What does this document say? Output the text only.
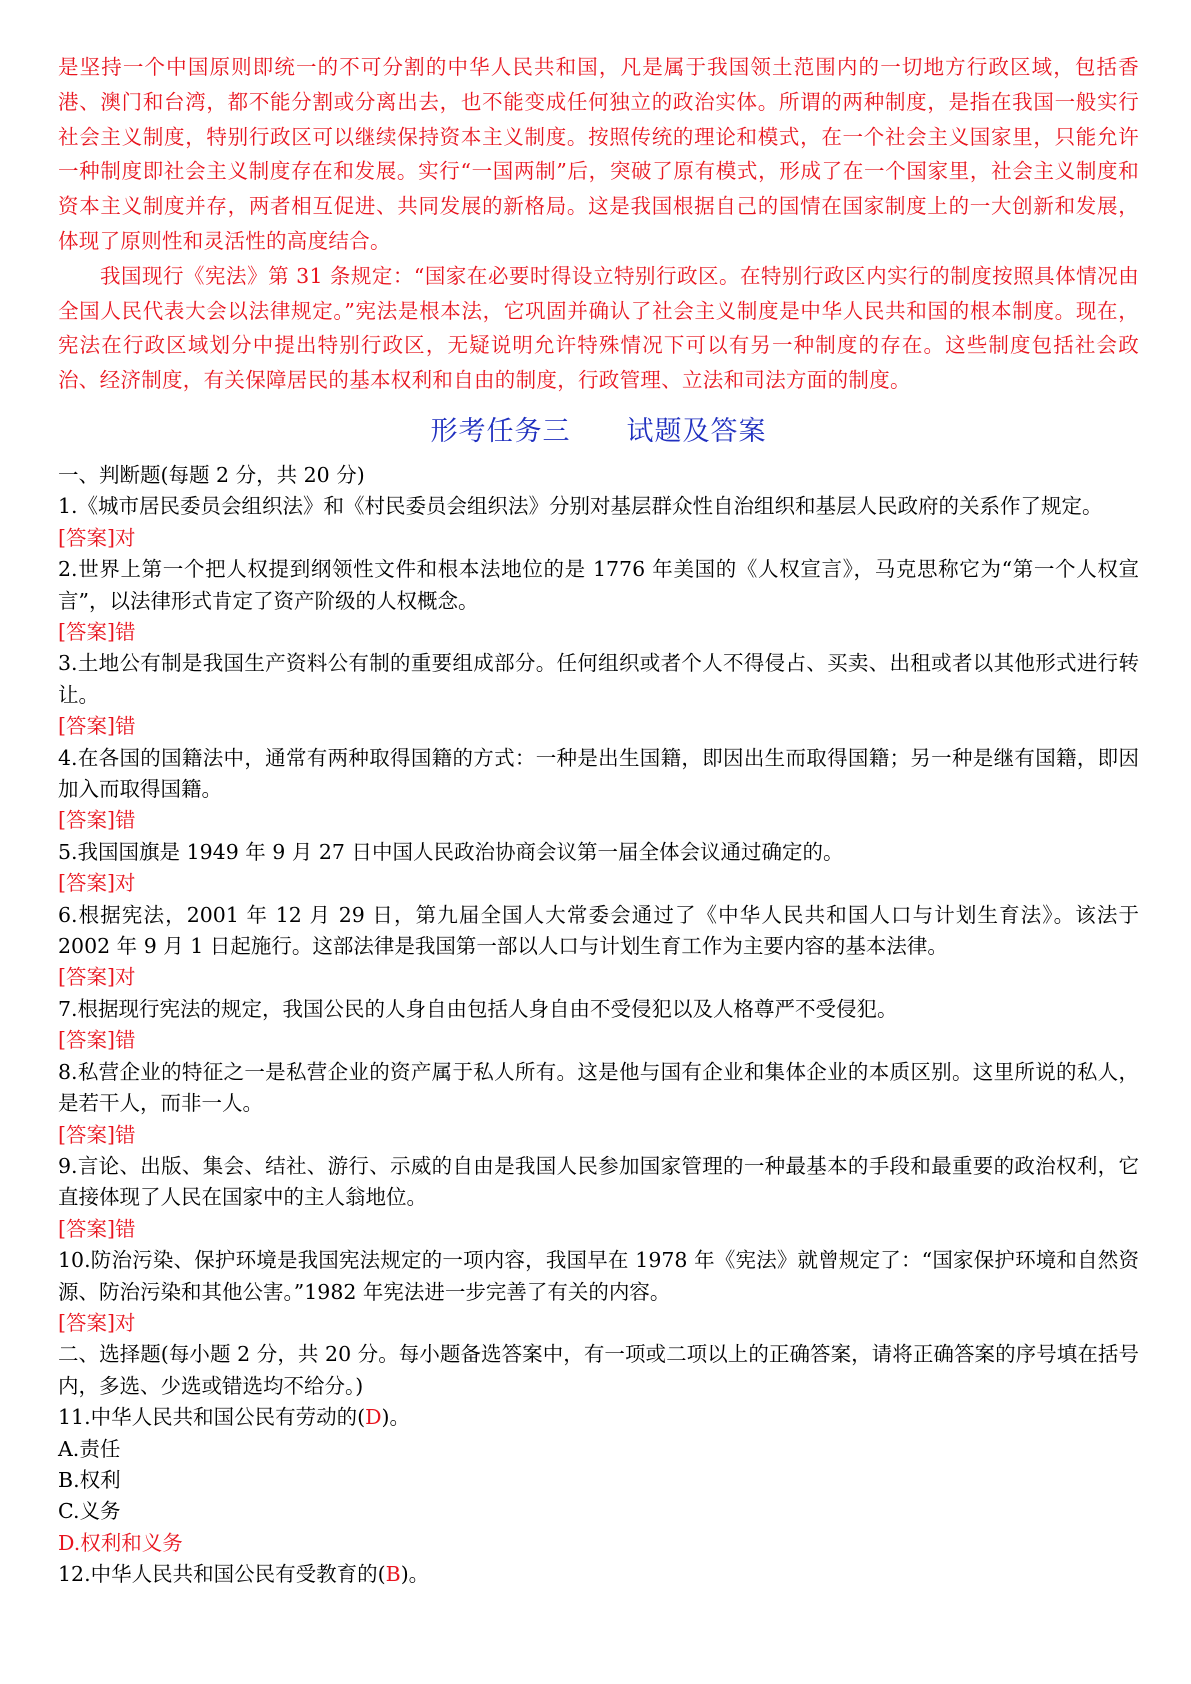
是坚持一个中国原则即统一的不可分割的中华人民共和国，凡是属于我国领土范围内的一切地方行政区域，包括香港、澳门和台湾，都不能分割或分离出去，也不能变成任何独立的政治实体。所谓的两种制度，是指在我国一般实行社会主义制度，特别行政区可以继续保持资本主义制度。按照传统的理论和模式，在一个社会主义国家里，只能允许一种制度即社会主义制度存在和发展。实行“一国两制”后，突破了原有模式，形成了在一个国家里，社会主义制度和资本主义制度并存，两者相互促进、共同发展的新格局。这是我国根据自己的国情在国家制度上的一大创新和发展，体现了原则性和灵活性的高度结合。

我国现行《宪法》第 31 条规定：“国家在必要时得设立特别行政区。在特别行政区内实行的制度按照具体情况由全国人民代表大会以法律规定。”宪法是根本法，它巩固并确认了社会主义制度是中华人民共和国的根本制度。现在，宪法在行政区域划分中提出特别行政区，无疑说明允许特殊情况下可以有另一种制度的存在。这些制度包括社会政治、经济制度，有关保障居民的基本权利和自由的制度，行政管理、立法和司法方面的制度。

形考任务三 试题及答案
一、判断题(每题 2 分，共 20 分)
1.《城市居民委员会组织法》和《村民委员会组织法》分别对基层群众性自治组织和基层人民政府的关系作了规定。
[答案]对
2.世界上第一个把人权提到纲领性文件和根本法地位的是 1776 年美国的《人权宣言》，马克思称它为“第一个人权宣言”，以法律形式肯定了资产阶级的人权概念。
[答案]错
3.土地公有制是我国生产资料公有制的重要组成部分。任何组织或者个人不得侵占、买卖、出租或者以其他形式进行转让。
[答案]错
4.在各国的国籍法中，通常有两种取得国籍的方式：一种是出生国籍，即因出生而取得国籍；另一种是继有国籍，即因加入而取得国籍。
[答案]错
5.我国国旗是 1949 年 9 月 27 日中国人民政治协商会议第一届全体会议通过确定的。
[答案]对
6.根据宪法，2001 年 12 月 29 日，第九届全国人大常委会通过了《中华人民共和国人口与计划生育法》。该法于 2002 年 9 月 1 日起施行。这部法律是我国第一部以人口与计划生育工作为主要内容的基本法律。
[答案]对
7.根据现行宪法的规定，我国公民的人身自由包括人身自由不受侵犯以及人格尊严不受侵犯。
[答案]错
8.私营企业的特征之一是私营企业的资产属于私人所有。这是他与国有企业和集体企业的本质区别。这里所说的私人，是若干人，而非一人。
[答案]错
9.言论、出版、集会、结社、游行、示威的自由是我国人民参加国家管理的一种最基本的手段和最重要的政治权利，它直接体现了人民在国家中的主人翁地位。
[答案]错
10.防治污染、保护环境是我国宪法规定的一项内容，我国早在 1978 年《宪法》就曾规定了：“国家保护环境和自然资源、防治污染和其他公害。”1982 年宪法进一步完善了有关的内容。
[答案]对
二、选择题(每小题 2 分，共 20 分。每小题备选答案中，有一项或二项以上的正确答案，请将正确答案的序号填在括号内，多选、少选或错选均不给分。)
11.中华人民共和国公民有劳动的(D)。
A.责任
B.权利
C.义务
D.权利和义务
12.中华人民共和国公民有受教育的(B)。
